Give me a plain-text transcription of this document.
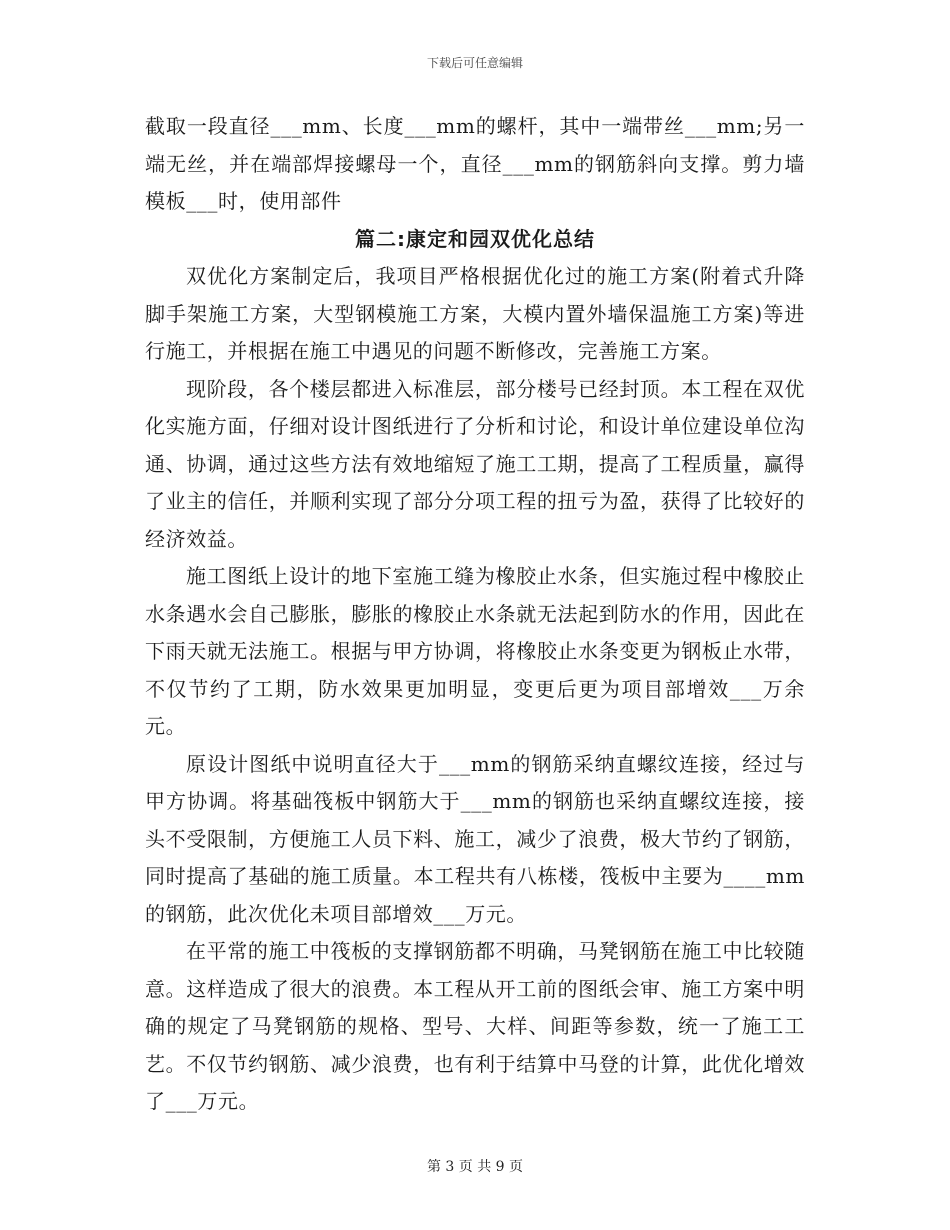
下载后可任意编辑

截取一段直径___mm、长度___mm的螺杆，其中一端带丝___mm;另一端无丝，并在端部焊接螺母一个，直径___mm的钢筋斜向支撑。剪力墙模板___时，使用部件

篇二:康定和园双优化总结

双优化方案制定后，我项目严格根据优化过的施工方案(附着式升降脚手架施工方案，大型钢模施工方案，大模内置外墙保温施工方案)等进行施工，并根据在施工中遇见的问题不断修改，完善施工方案。

现阶段，各个楼层都进入标准层，部分楼号已经封顶。本工程在双优化实施方面，仔细对设计图纸进行了分析和讨论，和设计单位建设单位沟通、协调，通过这些方法有效地缩短了施工工期，提高了工程质量，赢得了业主的信任，并顺利实现了部分分项工程的扭亏为盈，获得了比较好的经济效益。

施工图纸上设计的地下室施工缝为橡胶止水条，但实施过程中橡胶止水条遇水会自己膨胀，膨胀的橡胶止水条就无法起到防水的作用，因此在下雨天就无法施工。根据与甲方协调，将橡胶止水条变更为钢板止水带，不仅节约了工期，防水效果更加明显，变更后更为项目部增效___万余元。

原设计图纸中说明直径大于___mm的钢筋采纳直螺纹连接，经过与甲方协调。将基础筏板中钢筋大于___mm的钢筋也采纳直螺纹连接，接头不受限制，方便施工人员下料、施工，减少了浪费，极大节约了钢筋，同时提高了基础的施工质量。本工程共有八栋楼，筏板中主要为____mm的钢筋，此次优化未项目部增效___万元。

在平常的施工中筏板的支撑钢筋都不明确，马凳钢筋在施工中比较随意。这样造成了很大的浪费。本工程从开工前的图纸会审、施工方案中明确的规定了马凳钢筋的规格、型号、大样、间距等参数，统一了施工工艺。不仅节约钢筋、减少浪费，也有利于结算中马登的计算，此优化增效了___万元。

第 3 页 共 9 页
